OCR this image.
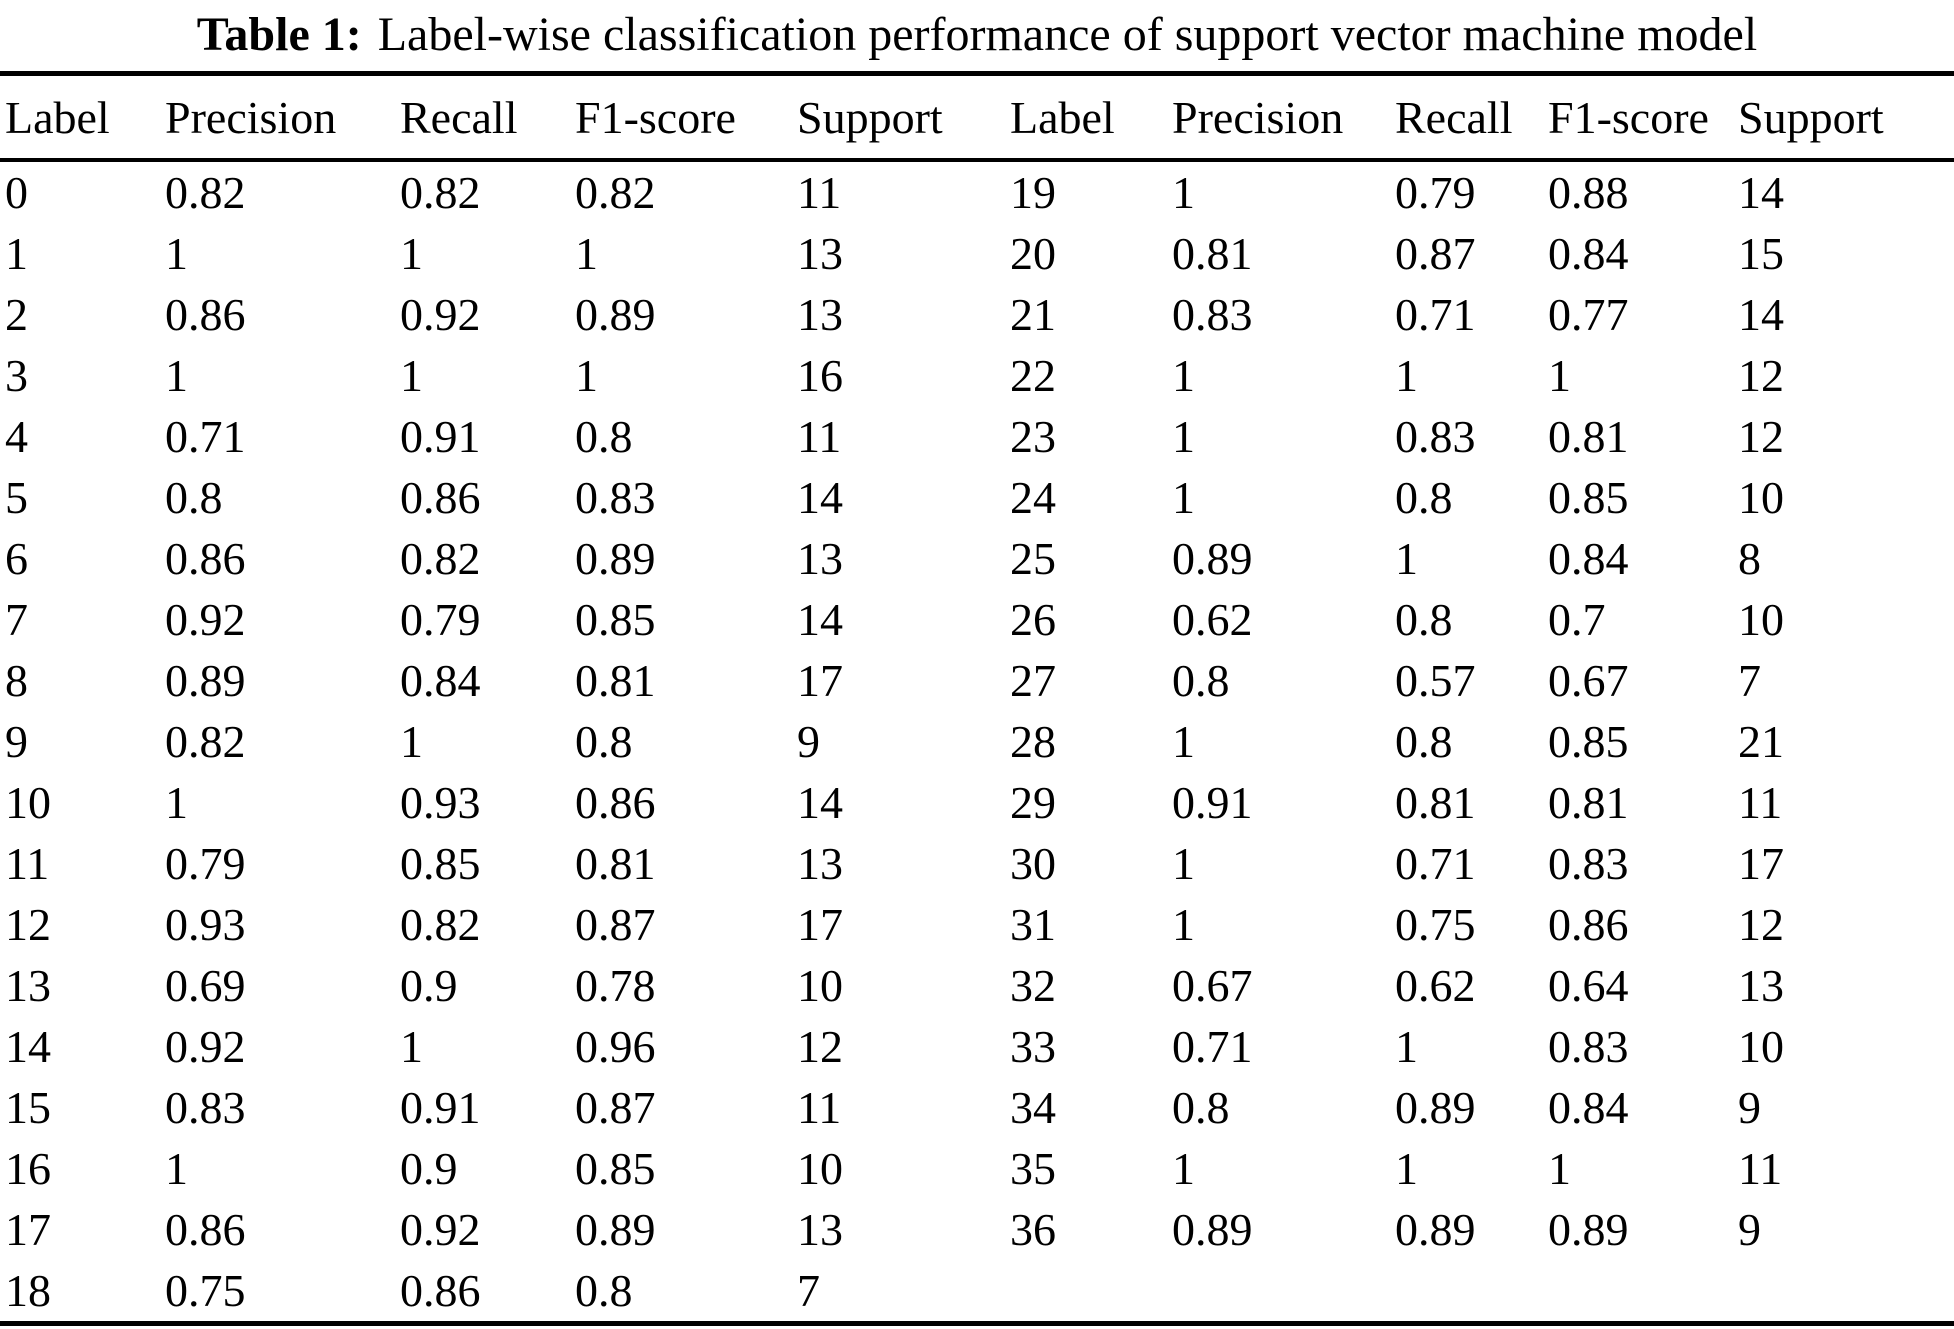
Table 1: Label-wise classification performance of support vector machine model
Label	Precision	Recall	F1-score	Support	Label	Precision	Recall	F1-score	Support
0	0.82	0.82	0.82	11	19	1	0.79	0.88	14
1	1	1	1	13	20	0.81	0.87	0.84	15
2	0.86	0.92	0.89	13	21	0.83	0.71	0.77	14
3	1	1	1	16	22	1	1	1	12
4	0.71	0.91	0.8	11	23	1	0.83	0.81	12
5	0.8	0.86	0.83	14	24	1	0.8	0.85	10
6	0.86	0.82	0.89	13	25	0.89	1	0.84	8
7	0.92	0.79	0.85	14	26	0.62	0.8	0.7	10
8	0.89	0.84	0.81	17	27	0.8	0.57	0.67	7
9	0.82	1	0.8	9	28	1	0.8	0.85	21
10	1	0.93	0.86	14	29	0.91	0.81	0.81	11
11	0.79	0.85	0.81	13	30	1	0.71	0.83	17
12	0.93	0.82	0.87	17	31	1	0.75	0.86	12
13	0.69	0.9	0.78	10	32	0.67	0.62	0.64	13
14	0.92	1	0.96	12	33	0.71	1	0.83	10
15	0.83	0.91	0.87	11	34	0.8	0.89	0.84	9
16	1	0.9	0.85	10	35	1	1	1	11
17	0.86	0.92	0.89	13	36	0.89	0.89	0.89	9
18	0.75	0.86	0.8	7					
